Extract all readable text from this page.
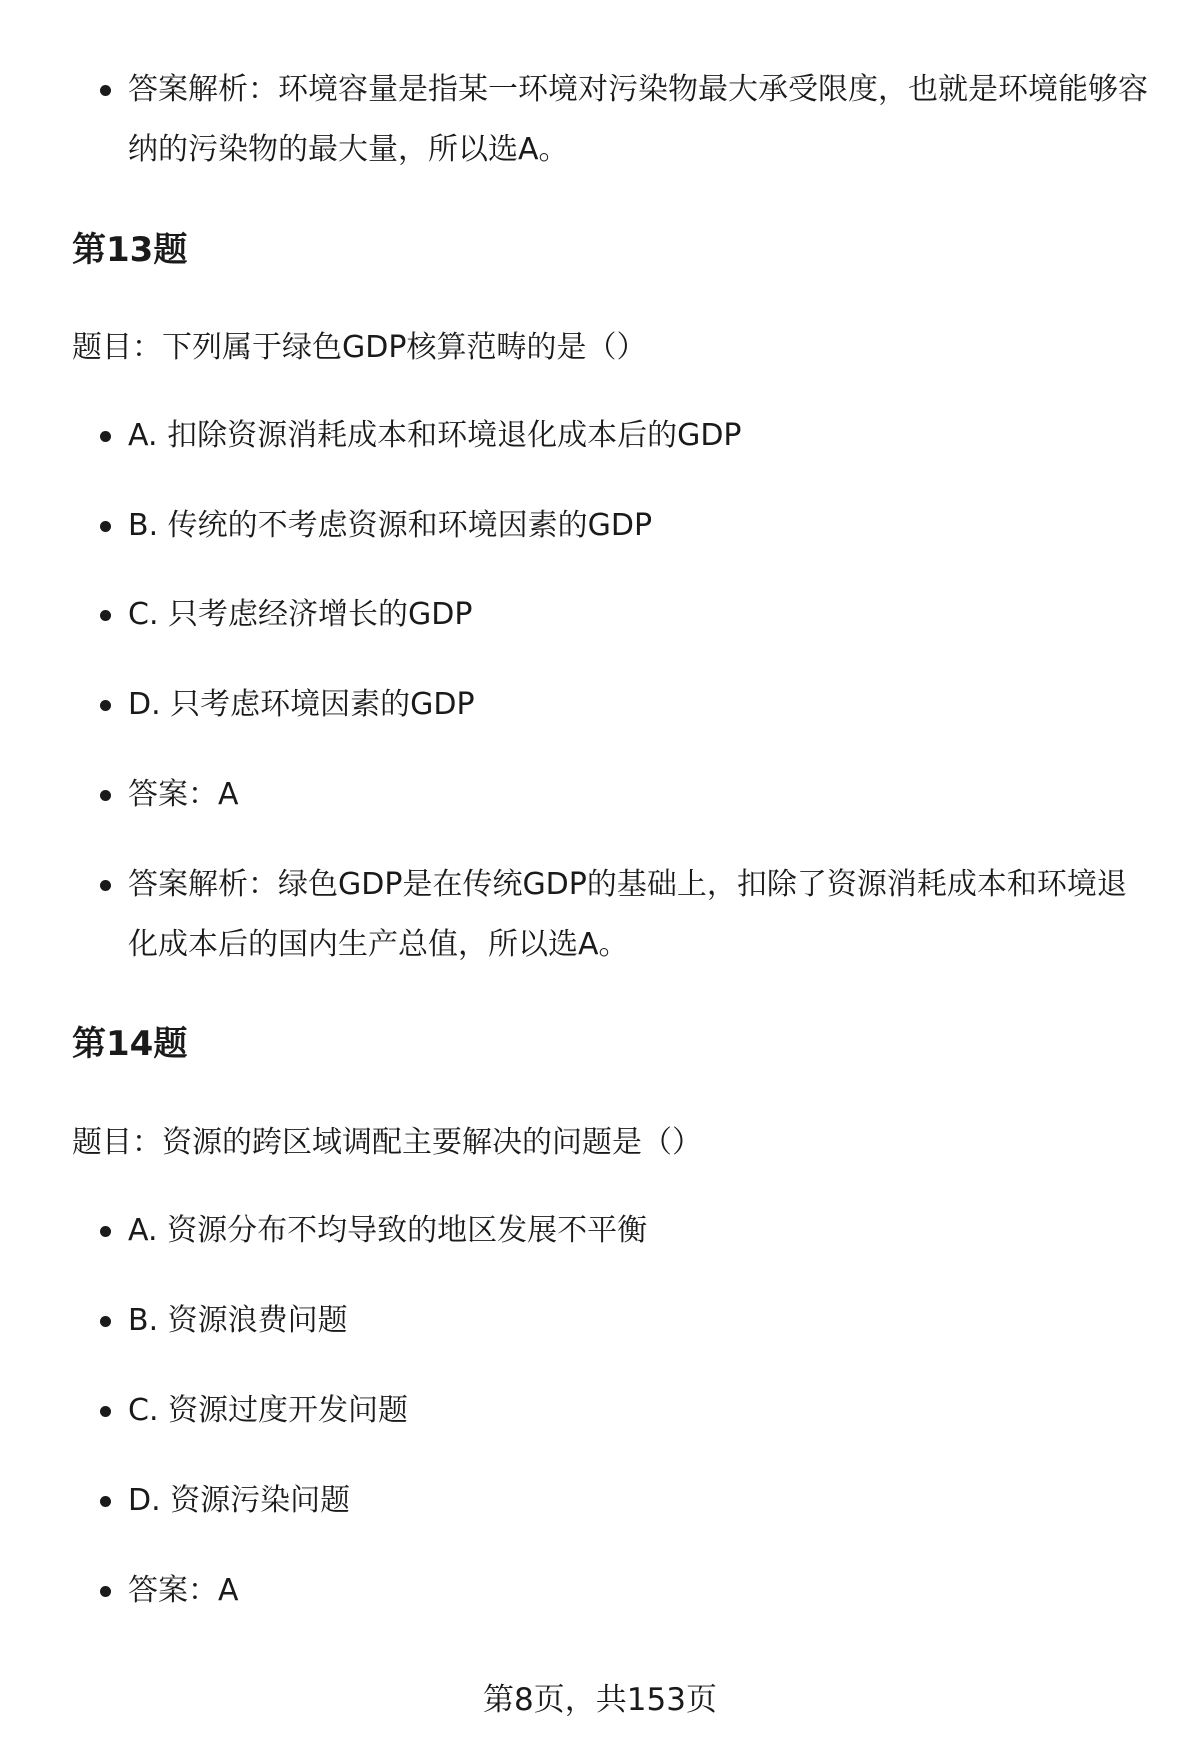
答案解析：环境容量是指某一环境对污染物最大承受限度，也就是环境能够容纳的污染物的最大量，所以选A。
第13题
题目：下列属于绿色GDP核算范畴的是（）
A. 扣除资源消耗成本和环境退化成本后的GDP
B. 传统的不考虑资源和环境因素的GDP
C. 只考虑经济增长的GDP
D. 只考虑环境因素的GDP
答案：A
答案解析：绿色GDP是在传统GDP的基础上，扣除了资源消耗成本和环境退化成本后的国内生产总值，所以选A。
第14题
题目：资源的跨区域调配主要解决的问题是（）
A. 资源分布不均导致的地区发展不平衡
B. 资源浪费问题
C. 资源过度开发问题
D. 资源污染问题
答案：A
第8页，共153页
